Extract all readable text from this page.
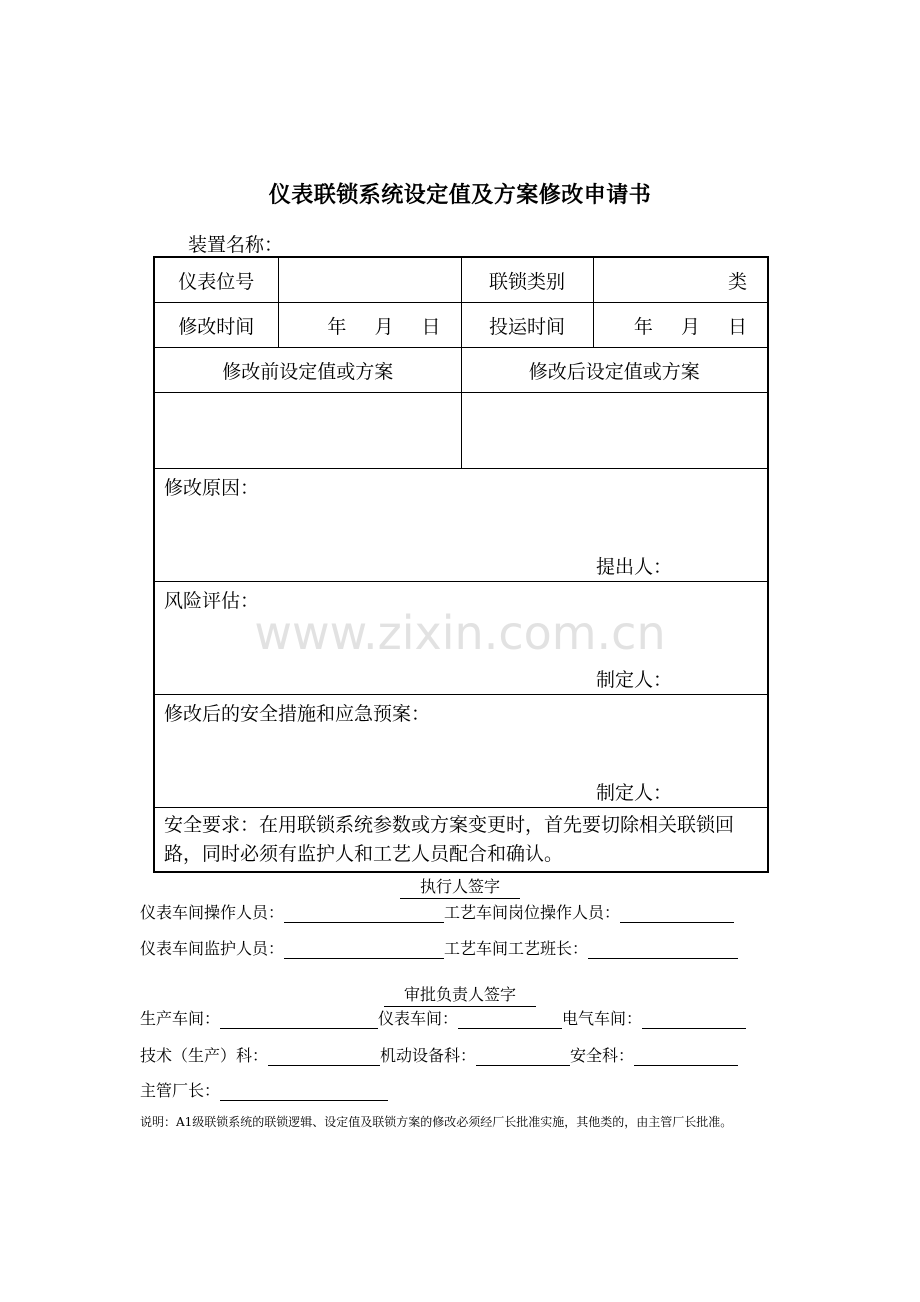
仪表联锁系统设定值及方案修改申请书
装置名称：
仪表位号		联锁类别	类
修改时间	年 月 日	投运时间	年 月 日
修改前设定值或方案		修改后设定值或方案	

修改原因：
提出人：			

风险评估：
制定人：			

修改后的安全措施和应急预案：
制定人：			

安全要求：在用联锁系统参数或方案变更时，首先要切除相关联锁回路，同时必须有监护人和工艺人员配合和确认。			
执行人签字
仪表车间操作人员：	工艺车间岗位操作人员：
仪表车间监护人员：	工艺车间工艺班长：
审批负责人签字
生产车间：	仪表车间：	电气车间：
技术（生产）科：	机动设备科：	安全科：
主管厂长：
说明：A1级联锁系统的联锁逻辑、设定值及联锁方案的修改必须经厂长批准实施，其他类的，由主管厂长批准。
www.zixin.com.cn
